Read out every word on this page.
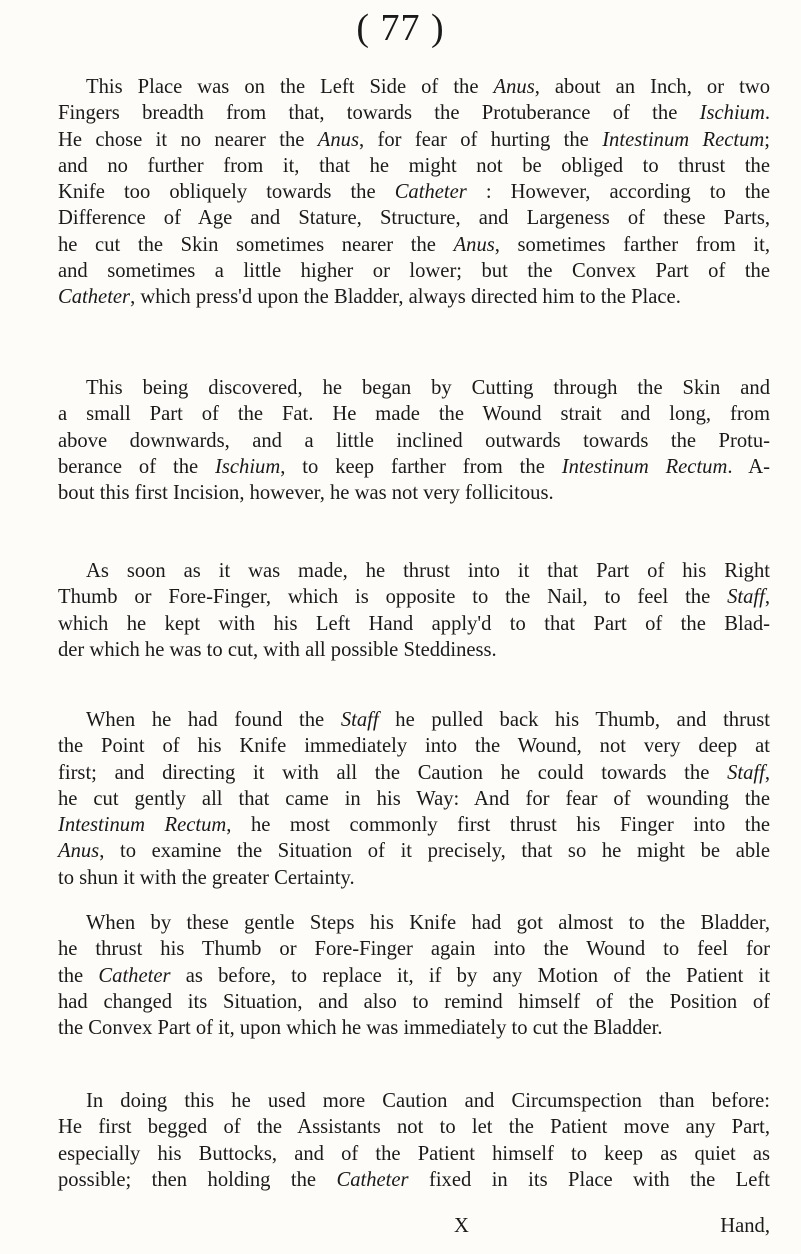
( 77 )
This Place was on the Left Side of the Anus, about an Inch, or two
Fingers breadth from that, towards the Protuberance of the Ischium.
He chose it no nearer the Anus, for fear of hurting the Intestinum Rectum;
and no further from it, that he might not be obliged to thrust the
Knife too obliquely towards the Catheter : However, according to the
Difference of Age and Stature, Structure, and Largeness of these Parts,
he cut the Skin sometimes nearer the Anus, sometimes farther from it,
and sometimes a little higher or lower; but the Convex Part of the
Catheter, which press'd upon the Bladder, always directed him to the Place.
This being discovered, he began by Cutting through the Skin and
a small Part of the Fat. He made the Wound strait and long, from
above downwards, and a little inclined outwards towards the Protu-
berance of the Ischium, to keep farther from the Intestinum Rectum. A-
bout this first Incision, however, he was not very follicitous.
As soon as it was made, he thrust into it that Part of his Right
Thumb or Fore-Finger, which is opposite to the Nail, to feel the Staff,
which he kept with his Left Hand apply'd to that Part of the Blad-
der which he was to cut, with all possible Steddiness.
When he had found the Staff he pulled back his Thumb, and thrust
the Point of his Knife immediately into the Wound, not very deep at
first; and directing it with all the Caution he could towards the Staff,
he cut gently all that came in his Way: And for fear of wounding the
Intestinum Rectum, he most commonly first thrust his Finger into the
Anus, to examine the Situation of it precisely, that so he might be able
to shun it with the greater Certainty.
When by these gentle Steps his Knife had got almost to the Bladder,
he thrust his Thumb or Fore-Finger again into the Wound to feel for
the Catheter as before, to replace it, if by any Motion of the Patient it
had changed its Situation, and also to remind himself of the Position of
the Convex Part of it, upon which he was immediately to cut the Bladder.
In doing this he used more Caution and Circumspection than before:
He first begged of the Assistants not to let the Patient move any Part,
especially his Buttocks, and of the Patient himself to keep as quiet as
possible; then holding the Catheter fixed in its Place with the Left
X	Hand,
